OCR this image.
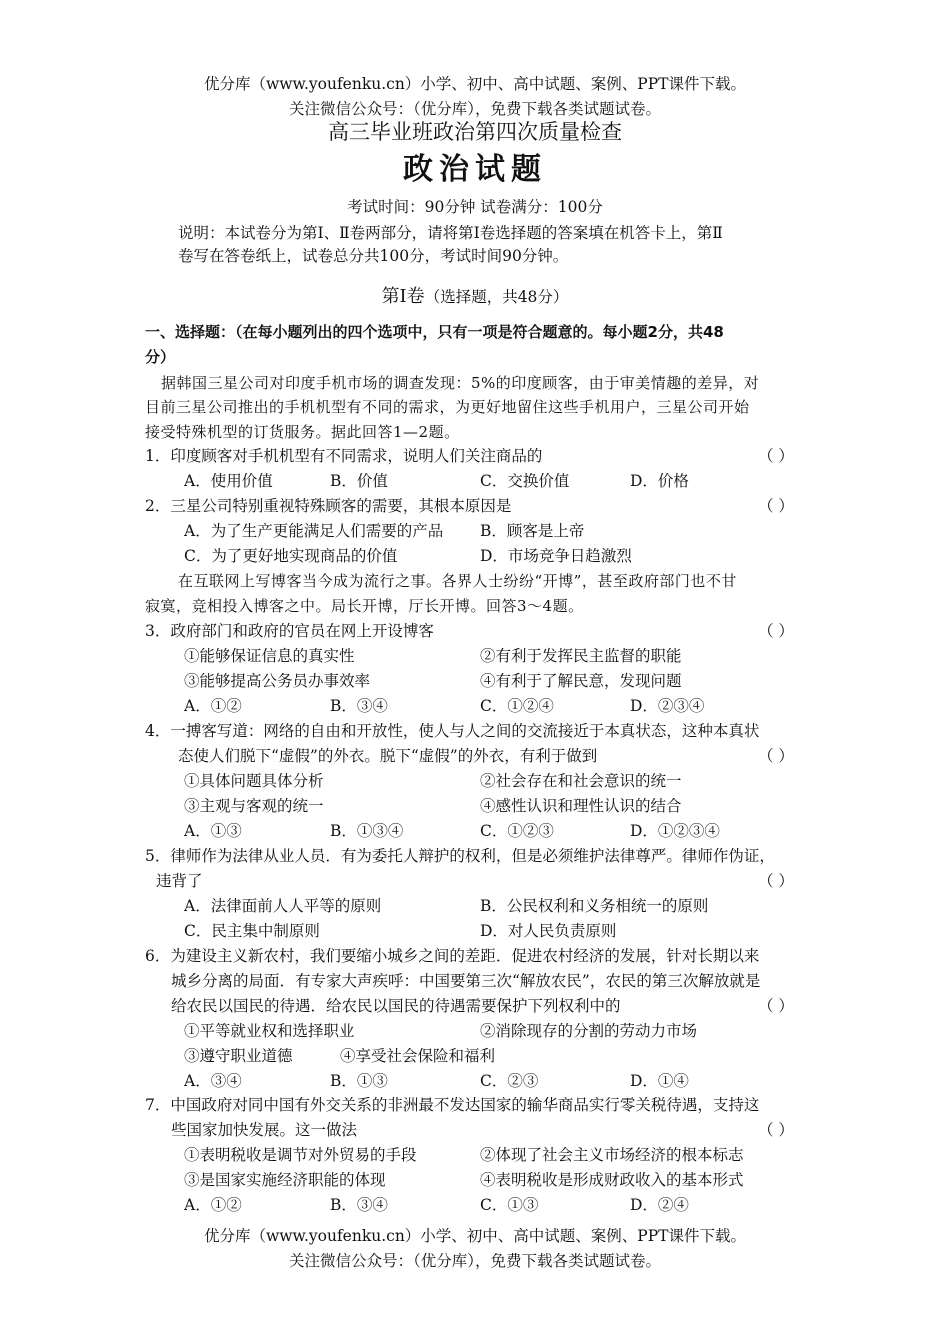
优分库（www.youfenku.cn）小学、初中、高中试题、案例、PPT课件下载。
关注微信公众号：（优分库），免费下载各类试题试卷。
高三毕业班政治第四次质量检查
政治试题
考试时间：90分钟 试卷满分：100分
说明：本试卷分为第Ⅰ、Ⅱ卷两部分，请将第Ⅰ卷选择题的答案填在机答卡上，第Ⅱ
卷写在答卷纸上，试卷总分共100分，考试时间90分钟。
第Ⅰ卷（选择题，共48分）
一、选择题：（在每小题列出的四个选项中，只有一项是符合题意的。每小题2分，共48
分）
据韩国三星公司对印度手机市场的调查发现：5%的印度顾客，由于审美情趣的差异，对
目前三星公司推出的手机机型有不同的需求，为更好地留住这些手机用户，三星公司开始
接受特殊机型的订货服务。据此回答1—2题。
1．印度顾客对手机机型有不同需求，说明人们关注商品的	（ ）
A．使用价值	B．价值	C．交换价值	D．价格
2．三星公司特别重视特殊顾客的需要，其根本原因是	（ ）
A．为了生产更能满足人们需要的产品 B．顾客是上帝
C．为了更好地实现商品的价值	D．市场竞争日趋激烈
在互联网上写博客当今成为流行之事。各界人士纷纷“开博”，甚至政府部门也不甘
寂寞，竞相投入博客之中。局长开博，厅长开博。回答3～4题。
3．政府部门和政府的官员在网上开设博客	（ ）
①能够保证信息的真实性	②有利于发挥民主监督的职能
③能够提高公务员办事效率	④有利于了解民意，发现问题
A．①②	B．③④	C．①②④	D．②③④
4．一搏客写道：网络的自由和开放性，使人与人之间的交流接近于本真状态，这种本真状
态使人们脱下“虚假”的外衣。脱下“虚假”的外衣，有利于做到	（ ）
①具体问题具体分析	②社会存在和社会意识的统一
③主观与客观的统一	④感性认识和理性认识的结合
A．①③	B．①③④	C．①②③	D．①②③④
5．律师作为法律从业人员．有为委托人辩护的权利，但是必须维护法律尊严。律师作伪证，
违背了	（ ）
A．法律面前人人平等的原则	B．公民权利和义务相统一的原则
C．民主集中制原则	D．对人民负责原则
6．为建设主义新农村，我们要缩小城乡之间的差距．促进农村经济的发展，针对长期以来
城乡分离的局面．有专家大声疾呼：中国要第三次“解放农民”，农民的第三次解放就是
给农民以国民的待遇．给农民以国民的待遇需要保护下列权利中的	（ ）
①平等就业权和选择职业	②消除现存的分割的劳动力市场
③遵守职业道德	④享受社会保险和福利
A．③④	B．①③	C．②③	D．①④
7．中国政府对同中国有外交关系的非洲最不发达国家的输华商品实行零关税待遇，支持这
些国家加快发展。这一做法	（ ）
①表明税收是调节对外贸易的手段	②体现了社会主义市场经济的根本标志
③是国家实施经济职能的体现	④表明税收是形成财政收入的基本形式
A．①②	B．③④	C．①③	D．②④
优分库（www.youfenku.cn）小学、初中、高中试题、案例、PPT课件下载。
关注微信公众号：（优分库），免费下载各类试题试卷。
